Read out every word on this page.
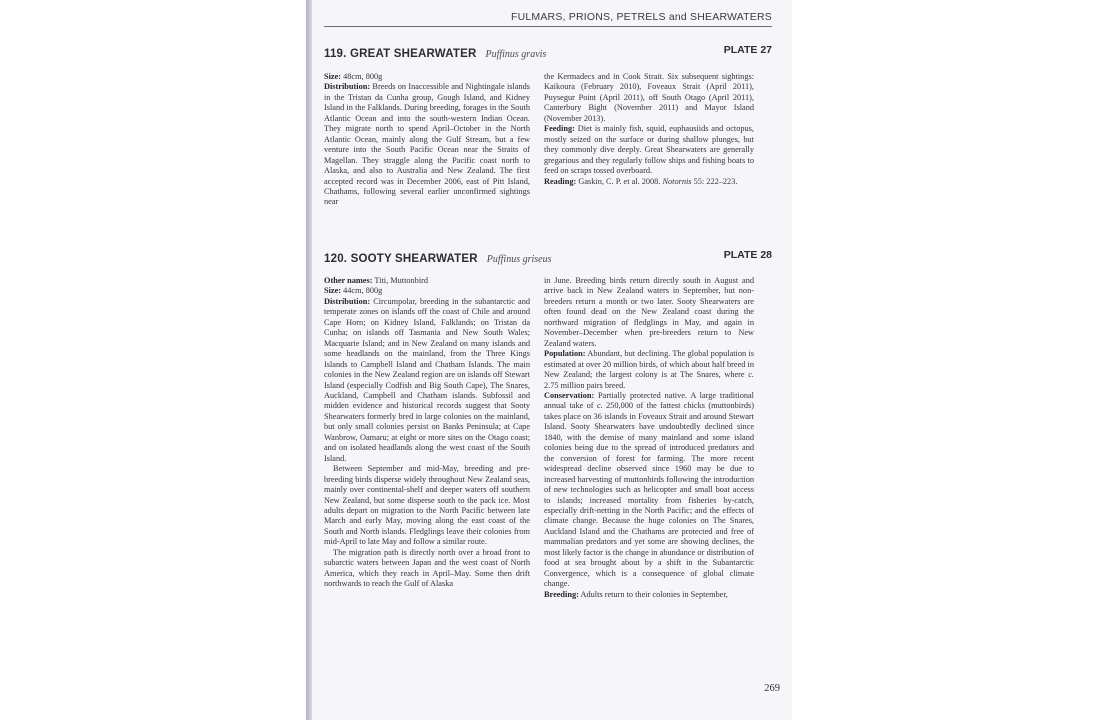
FULMARS, PRIONS, PETRELS and SHEARWATERS
119. GREAT SHEARWATER Puffinus gravis	PLATE 27

Size: 48cm, 800g

Distribution: Breeds on Inaccessible and Nightingale islands in the Tristan da Cunha group, Gough Island, and Kidney Island in the Falklands. During breeding, forages in the South Atlantic Ocean and into the south-western Indian Ocean. They migrate north to spend April–October in the North Atlantic Ocean, mainly along the Gulf Stream, but a few venture into the South Pacific Ocean near the Straits of Magellan. They straggle along the Pacific coast north to Alaska, and also to Australia and New Zealand. The first accepted record was in December 2006, east of Pitt Island, Chathams, following several earlier unconfirmed sightings near

the Kermadecs and in Cook Strait. Six subsequent sightings: Kaikoura (February 2010), Foveaux Strait (April 2011), Puysegur Point (April 2011), off South Otago (April 2011), Canterbury Bight (November 2011) and Mayor Island (November 2013).

Feeding: Diet is mainly fish, squid, euphausiids and octopus, mostly seized on the surface or during shallow plunges, but they commonly dive deeply. Great Shearwaters are generally gregarious and they regularly follow ships and fishing boats to feed on scraps tossed overboard.

Reading: Gaskin, C. P. et al. 2008. Notornis 55: 222–223.

120. SOOTY SHEARWATER Puffinus griseus	PLATE 28

Other names: Titi, Muttonbird

Size: 44cm, 800g

Distribution: Circumpolar, breeding in the subantarctic and temperate zones on islands off the coast of Chile and around Cape Horn; on Kidney Island, Falklands; on Tristan da Cunha; on islands off Tasmania and New South Wales; Macquarie Island; and in New Zealand on many islands and some headlands on the mainland, from the Three Kings Islands to Campbell Island and Chatham Islands. The main colonies in the New Zealand region are on islands off Stewart Island (especially Codfish and Big South Cape), The Snares, Auckland, Campbell and Chatham islands. Subfossil and midden evidence and historical records suggest that Sooty Shearwaters formerly bred in large colonies on the mainland, but only small colonies persist on Banks Peninsula; at Cape Wanbrow, Oamaru; at eight or more sites on the Otago coast; and on isolated headlands along the west coast of the South Island.

Between September and mid-May, breeding and pre-breeding birds disperse widely throughout New Zealand seas, mainly over continental-shelf and deeper waters off southern New Zealand, but some disperse south to the pack ice. Most adults depart on migration to the North Pacific between late March and early May, moving along the east coast of the South and North islands. Fledglings leave their colonies from mid-April to late May and follow a similar route.

The migration path is directly north over a broad front to subarctic waters between Japan and the west coast of North America, which they reach in April–May. Some then drift northwards to reach the Gulf of Alaska

in June. Breeding birds return directly south in August and arrive back in New Zealand waters in September, but non-breeders return a month or two later. Sooty Shearwaters are often found dead on the New Zealand coast during the northward migration of fledglings in May, and again in November–December when pre-breeders return to New Zealand waters.

Population: Abundant, but declining. The global population is estimated at over 20 million birds, of which about half breed in New Zealand; the largest colony is at The Snares, where c. 2.75 million pairs breed.

Conservation: Partially protected native. A large traditional annual take of c. 250,000 of the fattest chicks (muttonbirds) takes place on 36 islands in Foveaux Strait and around Stewart Island. Sooty Shearwaters have undoubtedly declined since 1840, with the demise of many mainland and some island colonies being due to the spread of introduced predators and the conversion of forest for farming. The more recent widespread decline observed since 1960 may be due to increased harvesting of muttonbirds following the introduction of new technologies such as helicopter and small boat access to islands; increased mortality from fisheries by-catch, especially drift-netting in the North Pacific; and the effects of climate change. Because the huge colonies on The Snares, Auckland Island and the Chathams are protected and free of mammalian predators and yet some are showing declines, the most likely factor is the change in abundance or distribution of food at sea brought about by a shift in the Subantarctic Convergence, which is a consequence of global climate change.

Breeding: Adults return to their colonies in September,

269
